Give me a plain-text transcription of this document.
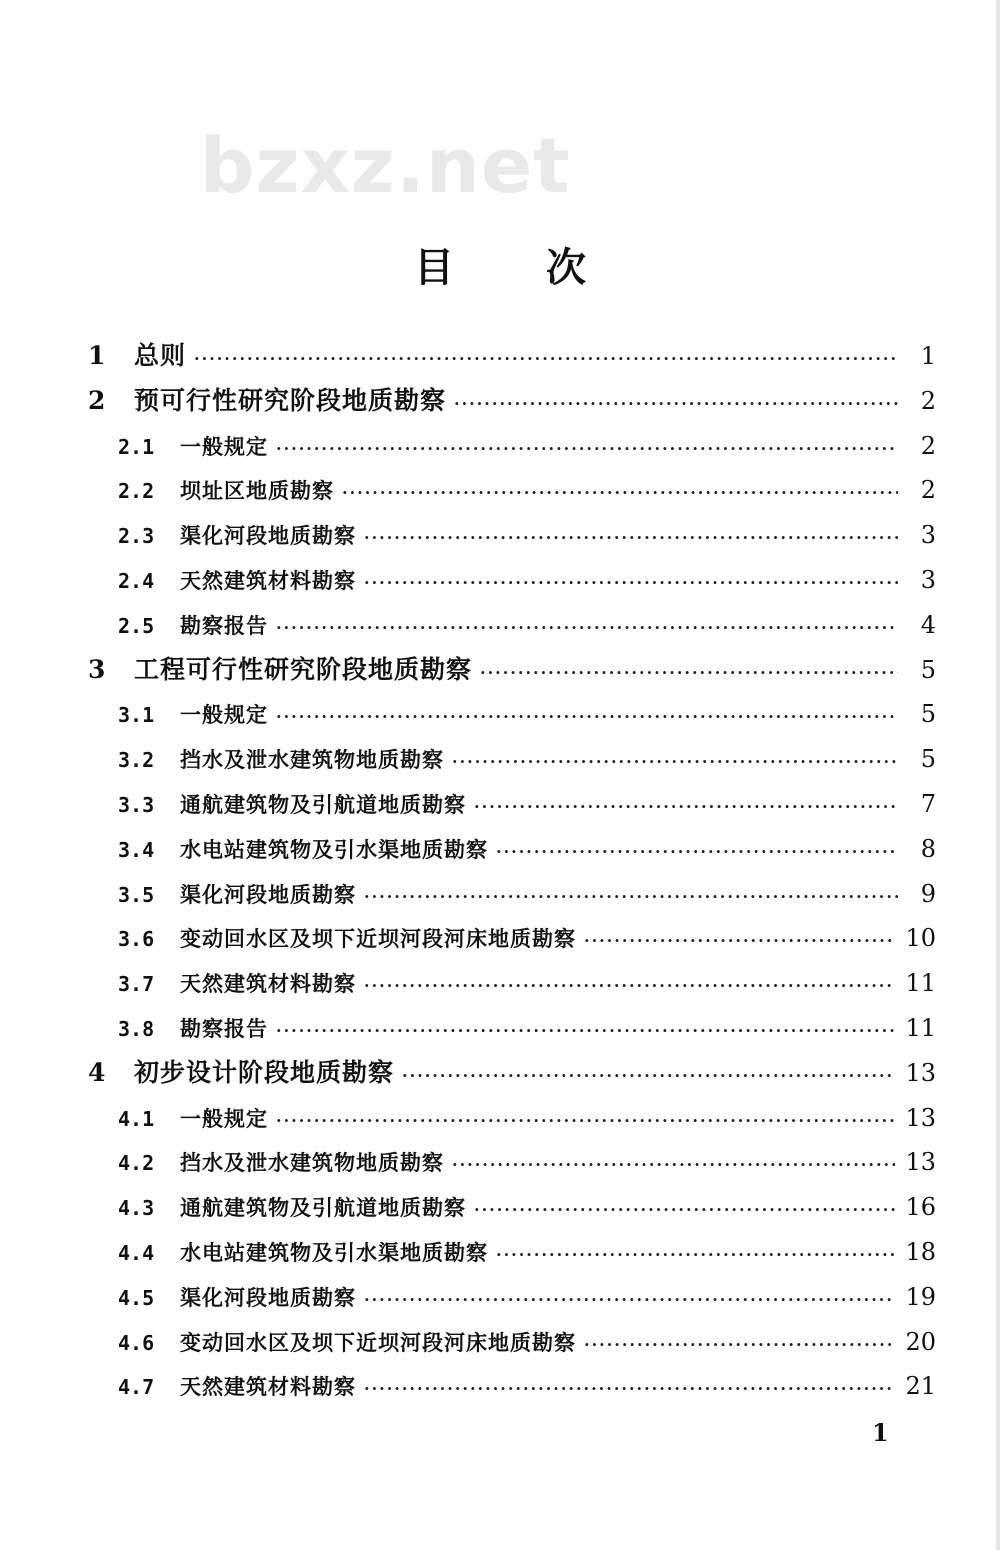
bzxz.net
目 次
1	总则 ·····	1
2	预可行性研究阶段地质勘察 ·····	2
2.1	一般规定 ·····	2
2.2	坝址区地质勘察 ·····	2
2.3	渠化河段地质勘察 ·····	3
2.4	天然建筑材料勘察 ·····	3
2.5	勘察报告 ·····	4
3	工程可行性研究阶段地质勘察 ·····	5
3.1	一般规定 ·····	5
3.2	挡水及泄水建筑物地质勘察 ·····	5
3.3	通航建筑物及引航道地质勘察 ·····	7
3.4	水电站建筑物及引水渠地质勘察 ·····	8
3.5	渠化河段地质勘察 ·····	9
3.6	变动回水区及坝下近坝河段河床地质勘察 ·····	10
3.7	天然建筑材料勘察 ·····	11
3.8	勘察报告 ·····	11
4	初步设计阶段地质勘察 ·····	13
4.1	一般规定 ·····	13
4.2	挡水及泄水建筑物地质勘察 ·····	13
4.3	通航建筑物及引航道地质勘察 ·····	16
4.4	水电站建筑物及引水渠地质勘察 ·····	18
4.5	渠化河段地质勘察 ·····	19
4.6	变动回水区及坝下近坝河段河床地质勘察 ·····	20
4.7	天然建筑材料勘察 ·····	21
1
